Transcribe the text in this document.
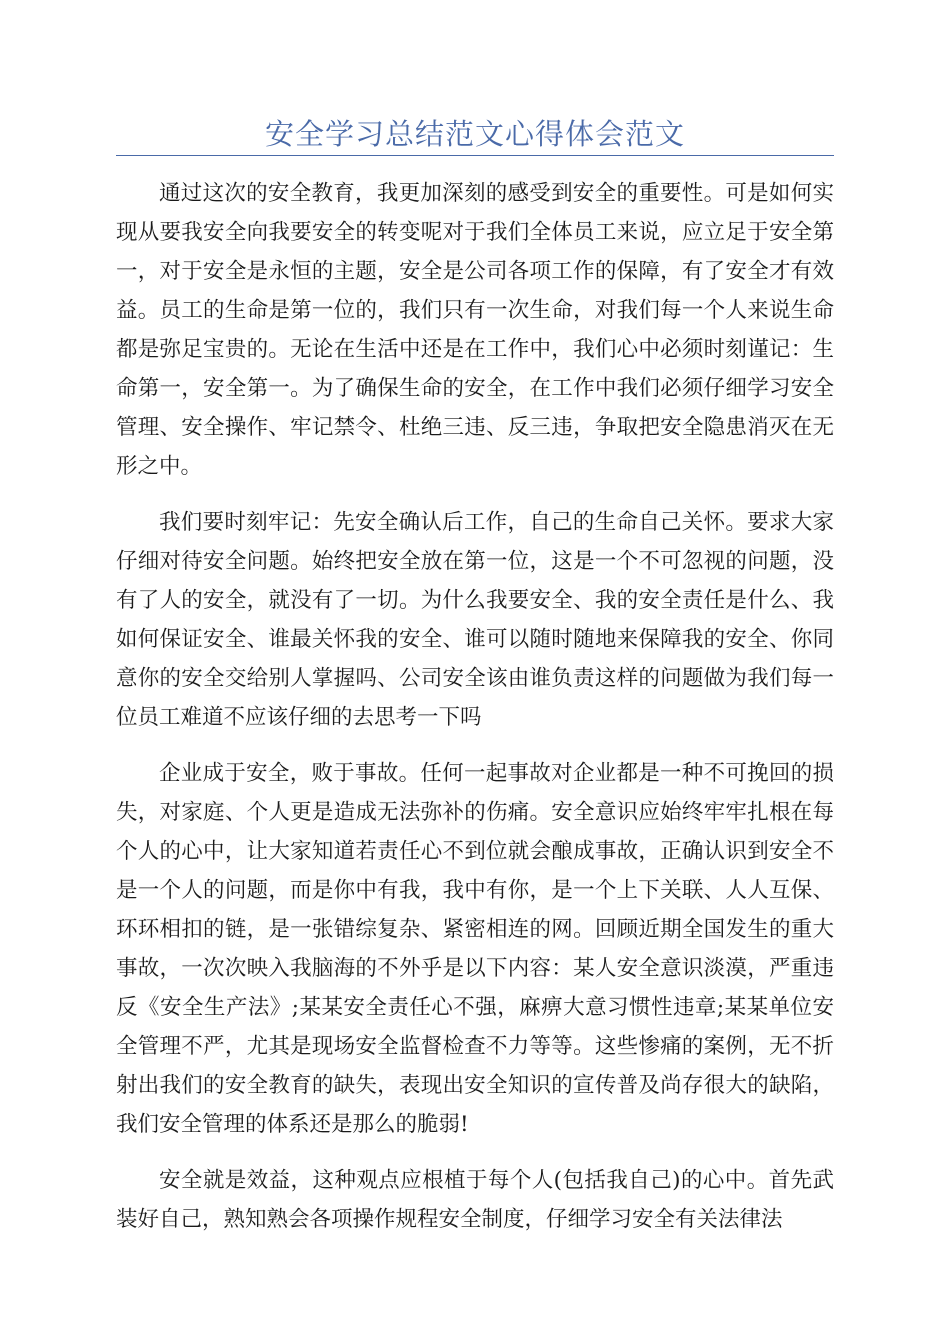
安全学习总结范文心得体会范文

通过这次的安全教育，我更加深刻的感受到安全的重要性。可是如何实现从要我安全向我要安全的转变呢对于我们全体员工来说，应立足于安全第一，对于安全是永恒的主题，安全是公司各项工作的保障，有了安全才有效益。员工的生命是第一位的，我们只有一次生命，对我们每一个人来说生命都是弥足宝贵的。无论在生活中还是在工作中，我们心中必须时刻谨记：生命第一，安全第一。为了确保生命的安全，在工作中我们必须仔细学习安全管理、安全操作、牢记禁令、杜绝三违、反三违，争取把安全隐患消灭在无形之中。

我们要时刻牢记：先安全确认后工作，自己的生命自己关怀。要求大家仔细对待安全问题。始终把安全放在第一位，这是一个不可忽视的问题，没有了人的安全，就没有了一切。为什么我要安全、我的安全责任是什么、我如何保证安全、谁最关怀我的安全、谁可以随时随地来保障我的安全、你同意你的安全交给别人掌握吗、公司安全该由谁负责这样的问题做为我们每一位员工难道不应该仔细的去思考一下吗

企业成于安全，败于事故。任何一起事故对企业都是一种不可挽回的损失，对家庭、个人更是造成无法弥补的伤痛。安全意识应始终牢牢扎根在每个人的心中，让大家知道若责任心不到位就会酿成事故，正确认识到安全不是一个人的问题，而是你中有我，我中有你，是一个上下关联、人人互保、环环相扣的链，是一张错综复杂、紧密相连的网。回顾近期全国发生的重大事故，一次次映入我脑海的不外乎是以下内容：某人安全意识淡漠，严重违反《安全生产法》;某某安全责任心不强，麻痹大意习惯性违章;某某单位安全管理不严，尤其是现场安全监督检查不力等等。这些惨痛的案例，无不折射出我们的安全教育的缺失，表现出安全知识的宣传普及尚存很大的缺陷，我们安全管理的体系还是那么的脆弱!

安全就是效益，这种观点应根植于每个人(包括我自己)的心中。首先武装好自己，熟知熟会各项操作规程安全制度，仔细学习安全有关法律法
